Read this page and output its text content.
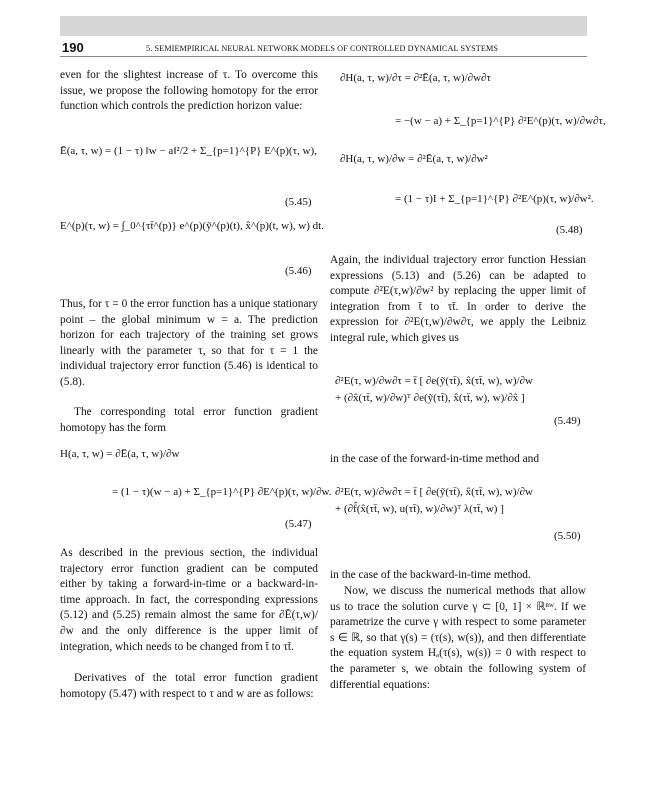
190	5. SEMIEMPIRICAL NEURAL NETWORK MODELS OF CONTROLLED DYNAMICAL SYSTEMS
even for the slightest increase of τ. To overcome this issue, we propose the following homotopy for the error function which controls the prediction horizon value:
Ē(a, τ, w) = (1 − τ) ‖w − a‖²/2 + Σ_{p=1}^{P} E^(p)(τ, w),
(5.45)
E^(p)(τ, w) = ∫_0^{τt̄^(p)} e^(p)(ỹ^(p)(t), x̂^(p)(t, w), w) dt.
(5.46)
Thus, for τ = 0 the error function has a unique stationary point – the global minimum w = a. The prediction horizon for each trajectory of the training set grows linearly with the parameter τ, so that for τ = 1 the individual trajectory error function (5.46) is identical to (5.8).
The corresponding total error function gradient homotopy has the form
H(a, τ, w) = ∂Ē(a, τ, w)/∂w
= (1 − τ)(w − a) + Σ_{p=1}^{P} ∂E^(p)(τ, w)/∂w.
(5.47)
As described in the previous section, the individual trajectory error function gradient can be computed either by taking a forward-in-time or a backward-in-time approach. In fact, the corresponding expressions (5.12) and (5.25) remain almost the same for ∂Ē(τ,w)/∂w and the only difference is the upper limit of integration, which needs to be changed from t̄ to τt̄.
Derivatives of the total error function gradient homotopy (5.47) with respect to τ and w are as follows:
∂H(a, τ, w)/∂τ = ∂²Ē(a, τ, w)/∂w∂τ
= −(w − a) + Σ_{p=1}^{P} ∂²E^(p)(τ, w)/∂w∂τ,
∂H(a, τ, w)/∂w = ∂²Ē(a, τ, w)/∂w²
= (1 − τ)I + Σ_{p=1}^{P} ∂²E^(p)(τ, w)/∂w².
(5.48)
Again, the individual trajectory error function Hessian expressions (5.13) and (5.26) can be adapted to compute ∂²E(τ,w)/∂w² by replacing the upper limit of integration from t̄ to τt̄. In order to derive the expression for ∂²E(τ,w)/∂w∂τ, we apply the Leibniz integral rule, which gives us
∂²E(τ, w)/∂w∂τ = t̄ [ ∂e(ỹ(τt̄), x̂(τt̄, w), w)/∂w + (∂x̂(τt̄, w)/∂w)ᵀ ∂e(ỹ(τt̄), x̂(τt̄, w), w)/∂x̂ ]
(5.49)
in the case of the forward-in-time method and
∂²E(τ, w)/∂w∂τ = t̄ [ ∂e(ỹ(τt̄), x̂(τt̄, w), w)/∂w + (∂f̂(x̂(τt̄, w), u(τt̄), w)/∂w)ᵀ λ(τt̄, w) ]
(5.50)
in the case of the backward-in-time method.
Now, we discuss the numerical methods that allow us to trace the solution curve γ ⊂ [0, 1] × ℝⁿʷ. If we parametrize the curve γ with respect to some parameter s ∈ ℝ, so that γ(s) = (τ(s), w(s)), and then differentiate the equation system Hₐ(τ(s), w(s)) = 0 with respect to the parameter s, we obtain the following system of differential equations:
